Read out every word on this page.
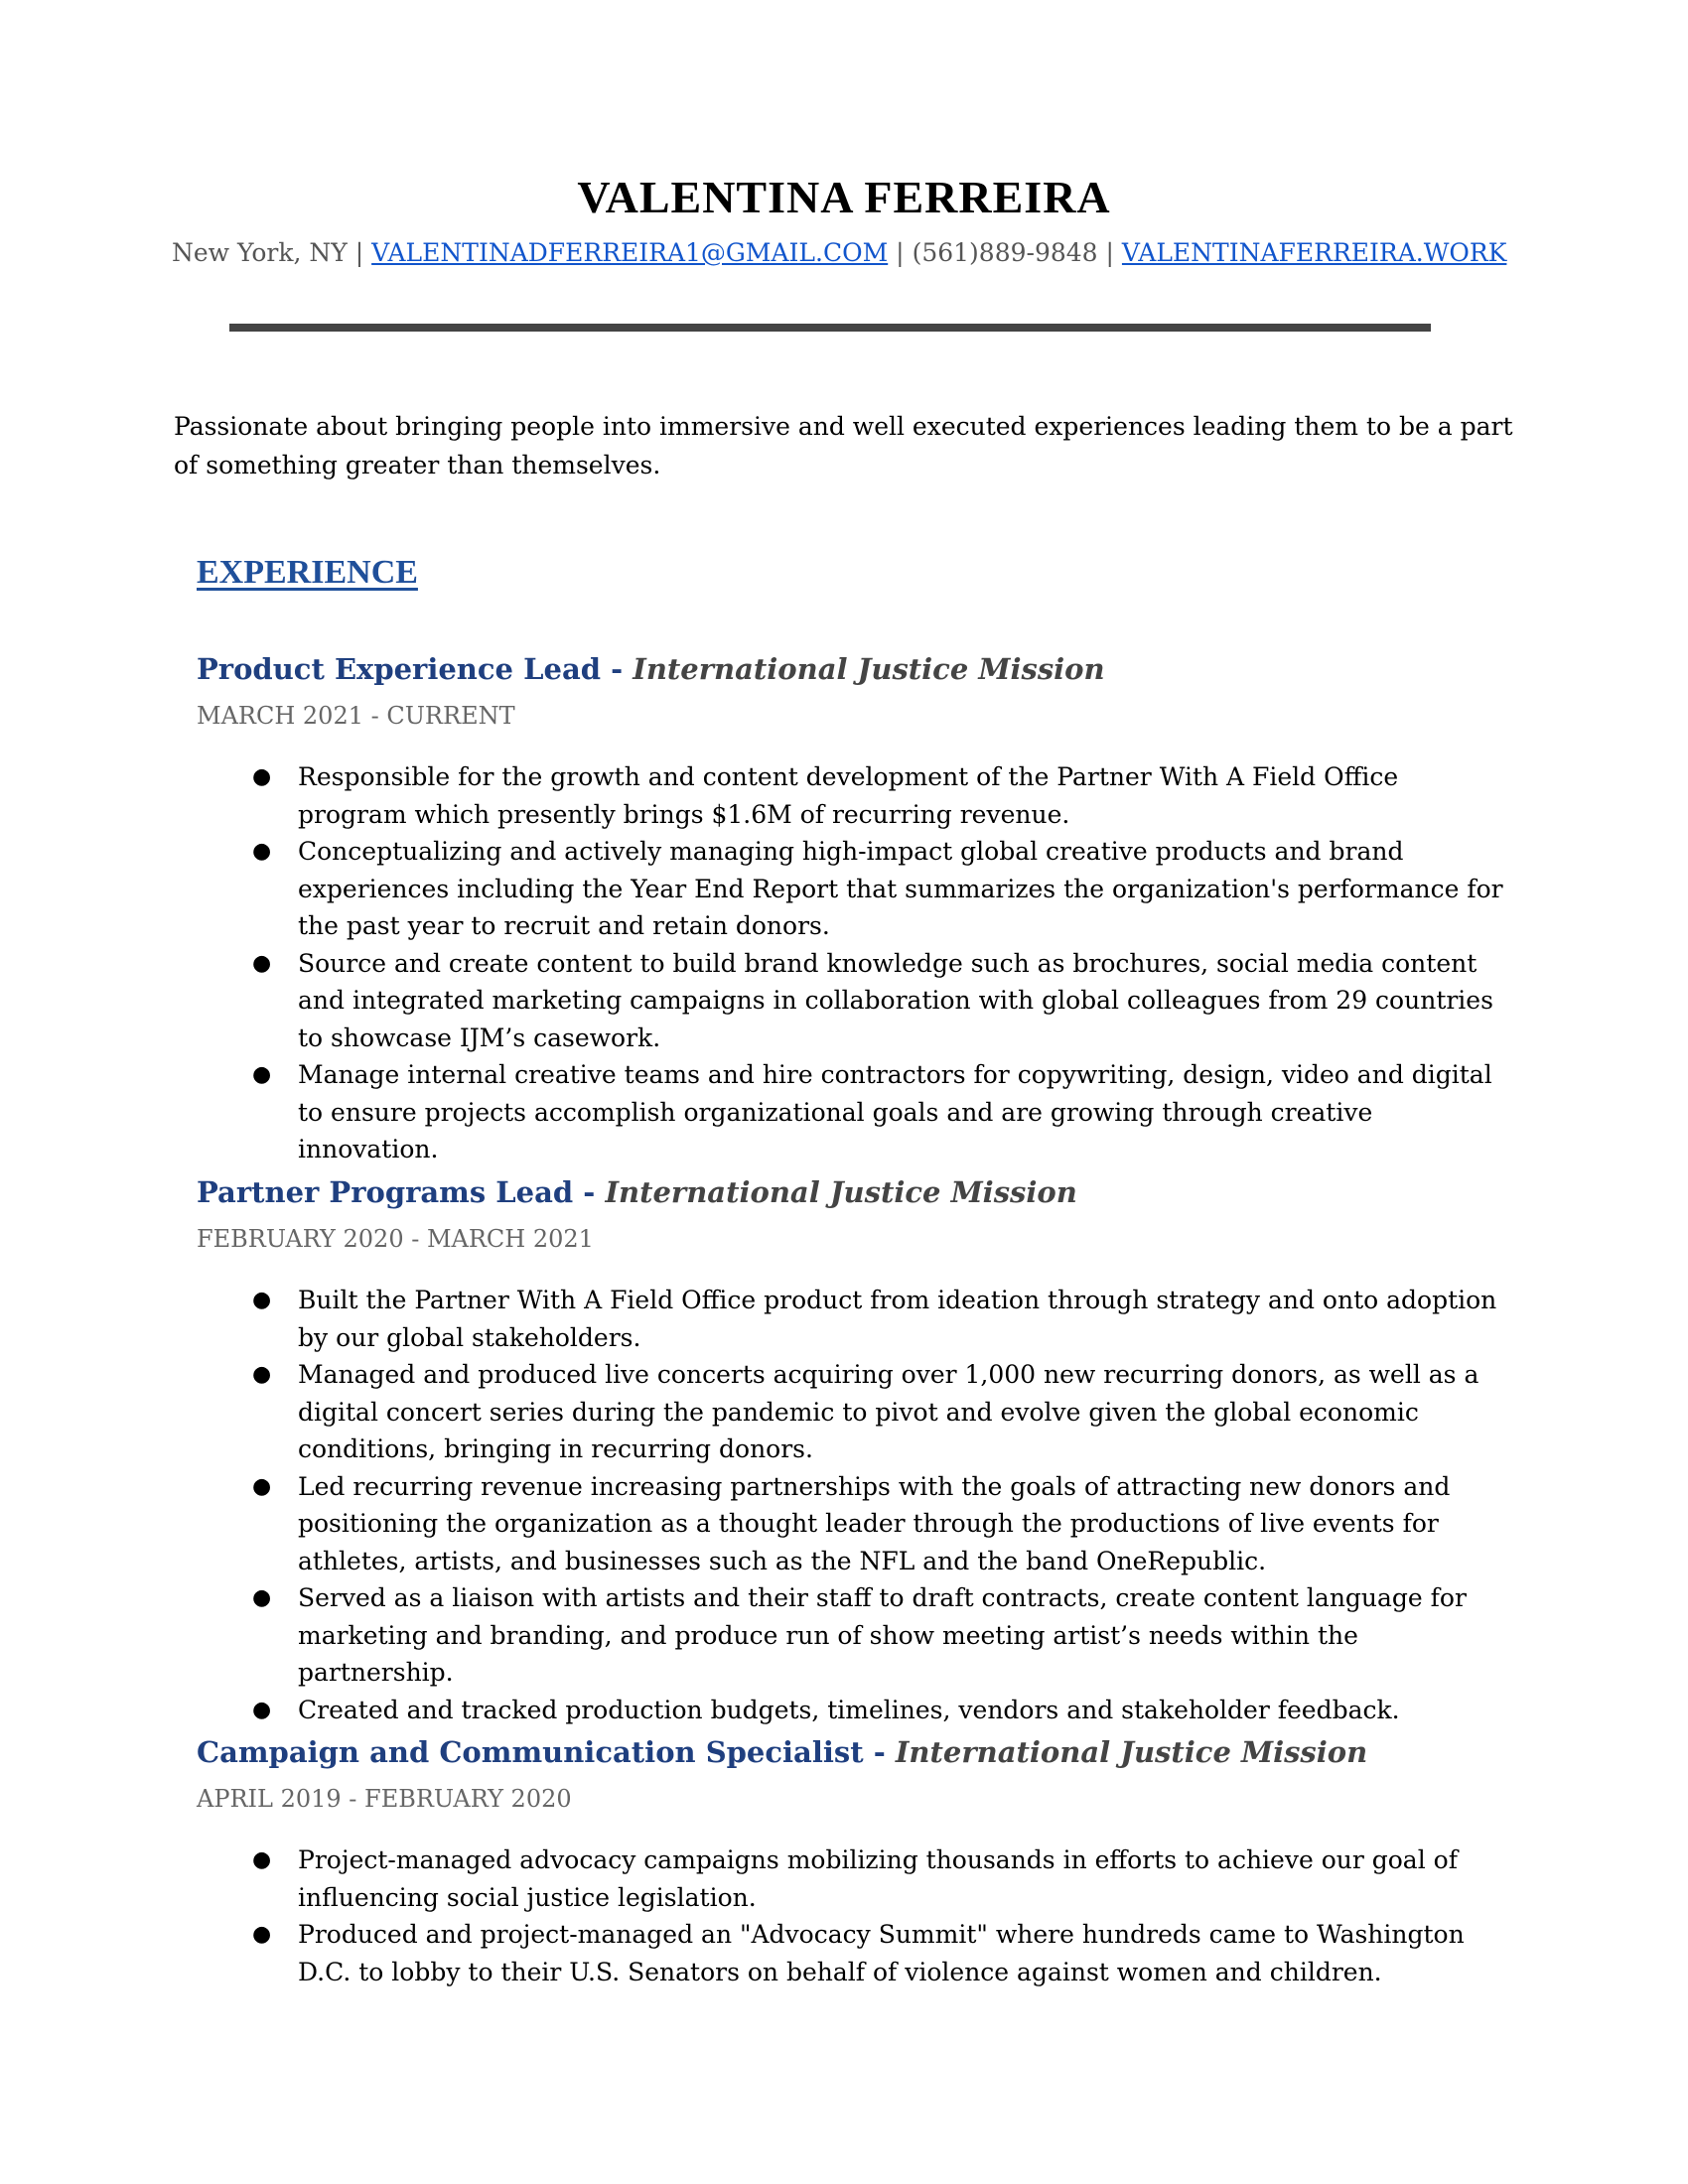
VALENTINA FERREIRA
New York, NY | VALENTINADFERREIRA1@GMAIL.COM | (561)889-9848 | VALENTINAFERREIRA.WORK
Passionate about bringing people into immersive and well executed experiences leading them to be a part of something greater than themselves.
EXPERIENCE
Product Experience Lead - International Justice Mission
MARCH 2021 - CURRENT
● Responsible for the growth and content development of the Partner With A Field Office program which presently brings $1.6M of recurring revenue.
● Conceptualizing and actively managing high-impact global creative products and brand experiences including the Year End Report that summarizes the organization's performance for the past year to recruit and retain donors.
● Source and create content to build brand knowledge such as brochures, social media content and integrated marketing campaigns in collaboration with global colleagues from 29 countries to showcase IJM’s casework.
● Manage internal creative teams and hire contractors for copywriting, design, video and digital to ensure projects accomplish organizational goals and are growing through creative innovation.
Partner Programs Lead - International Justice Mission
FEBRUARY 2020 - MARCH 2021
● Built the Partner With A Field Office product from ideation through strategy and onto adoption by our global stakeholders.
● Managed and produced live concerts acquiring over 1,000 new recurring donors, as well as a digital concert series during the pandemic to pivot and evolve given the global economic conditions, bringing in recurring donors.
● Led recurring revenue increasing partnerships with the goals of attracting new donors and positioning the organization as a thought leader through the productions of live events for athletes, artists, and businesses such as the NFL and the band OneRepublic.
● Served as a liaison with artists and their staff to draft contracts, create content language for marketing and branding, and produce run of show meeting artist’s needs within the partnership.
● Created and tracked production budgets, timelines, vendors and stakeholder feedback.
Campaign and Communication Specialist - International Justice Mission
APRIL 2019 - FEBRUARY 2020
● Project-managed advocacy campaigns mobilizing thousands in efforts to achieve our goal of influencing social justice legislation.
● Produced and project-managed an "Advocacy Summit" where hundreds came to Washington D.C. to lobby to their U.S. Senators on behalf of violence against women and children.
